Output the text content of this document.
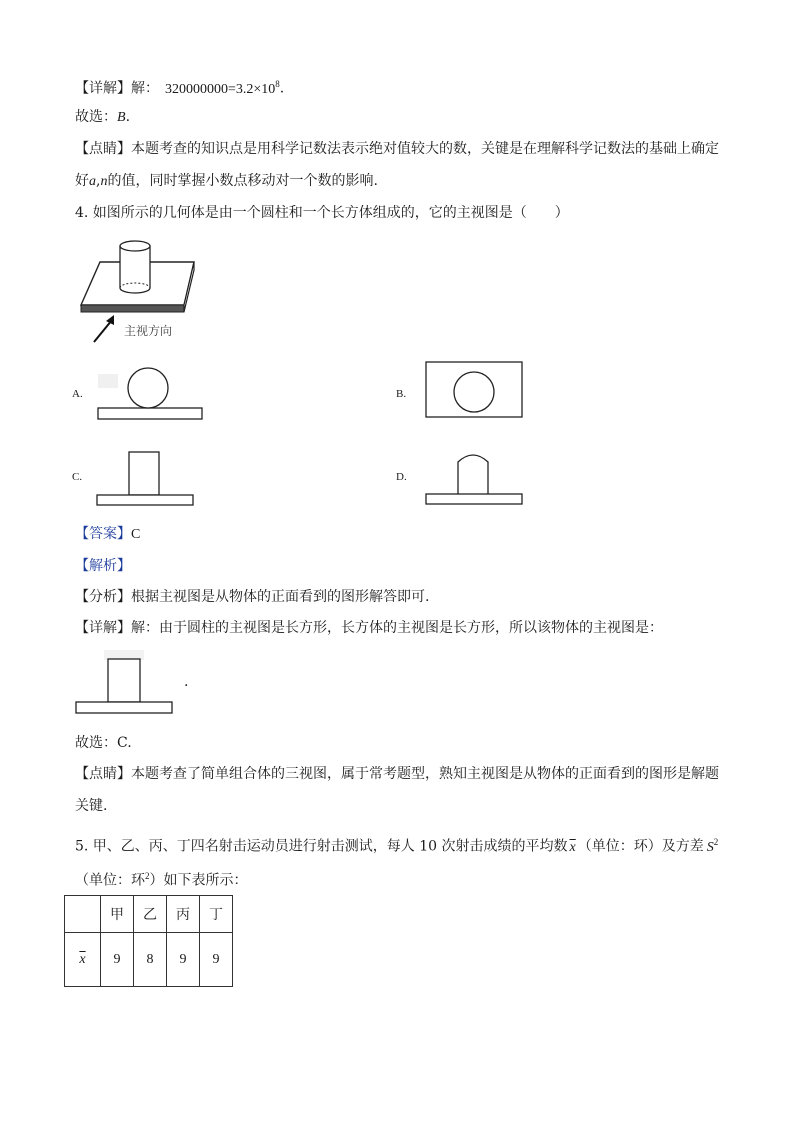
【详解】解： $320000000=3.2\times 10^8$.
故选：B.
【点睛】本题考查的知识点是用科学记数法表示绝对值较大的数，关键是在理解科学记数法的基础上确定
好a,n的值，同时掌握小数点移动对一个数的影响.
4. 如图所示的几何体是由一个圆柱和一个长方体组成的，它的主视图是（　　）
主视方向
A.	B.
C.	D.
【答案】C
【解析】
【分析】根据主视图是从物体的正面看到的图形解答即可.
【详解】解：由于圆柱的主视图是长方形，长方体的主视图是长方形，所以该物体的主视图是：
.
故选：C.
【点睛】本题考查了简单组合体的三视图，属于常考题型，熟知主视图是从物体的正面看到的图形是解题
关键.
5. 甲、乙、丙、丁四名射击运动员进行射击测试，每人 10 次射击成绩的平均数 $\overline{x}$ （单位：环）及方差 $S^2$
（单位：环$^2$）如下表所示：
	甲	乙	丙	丁
$\overline{x}$	9	8	9	9
